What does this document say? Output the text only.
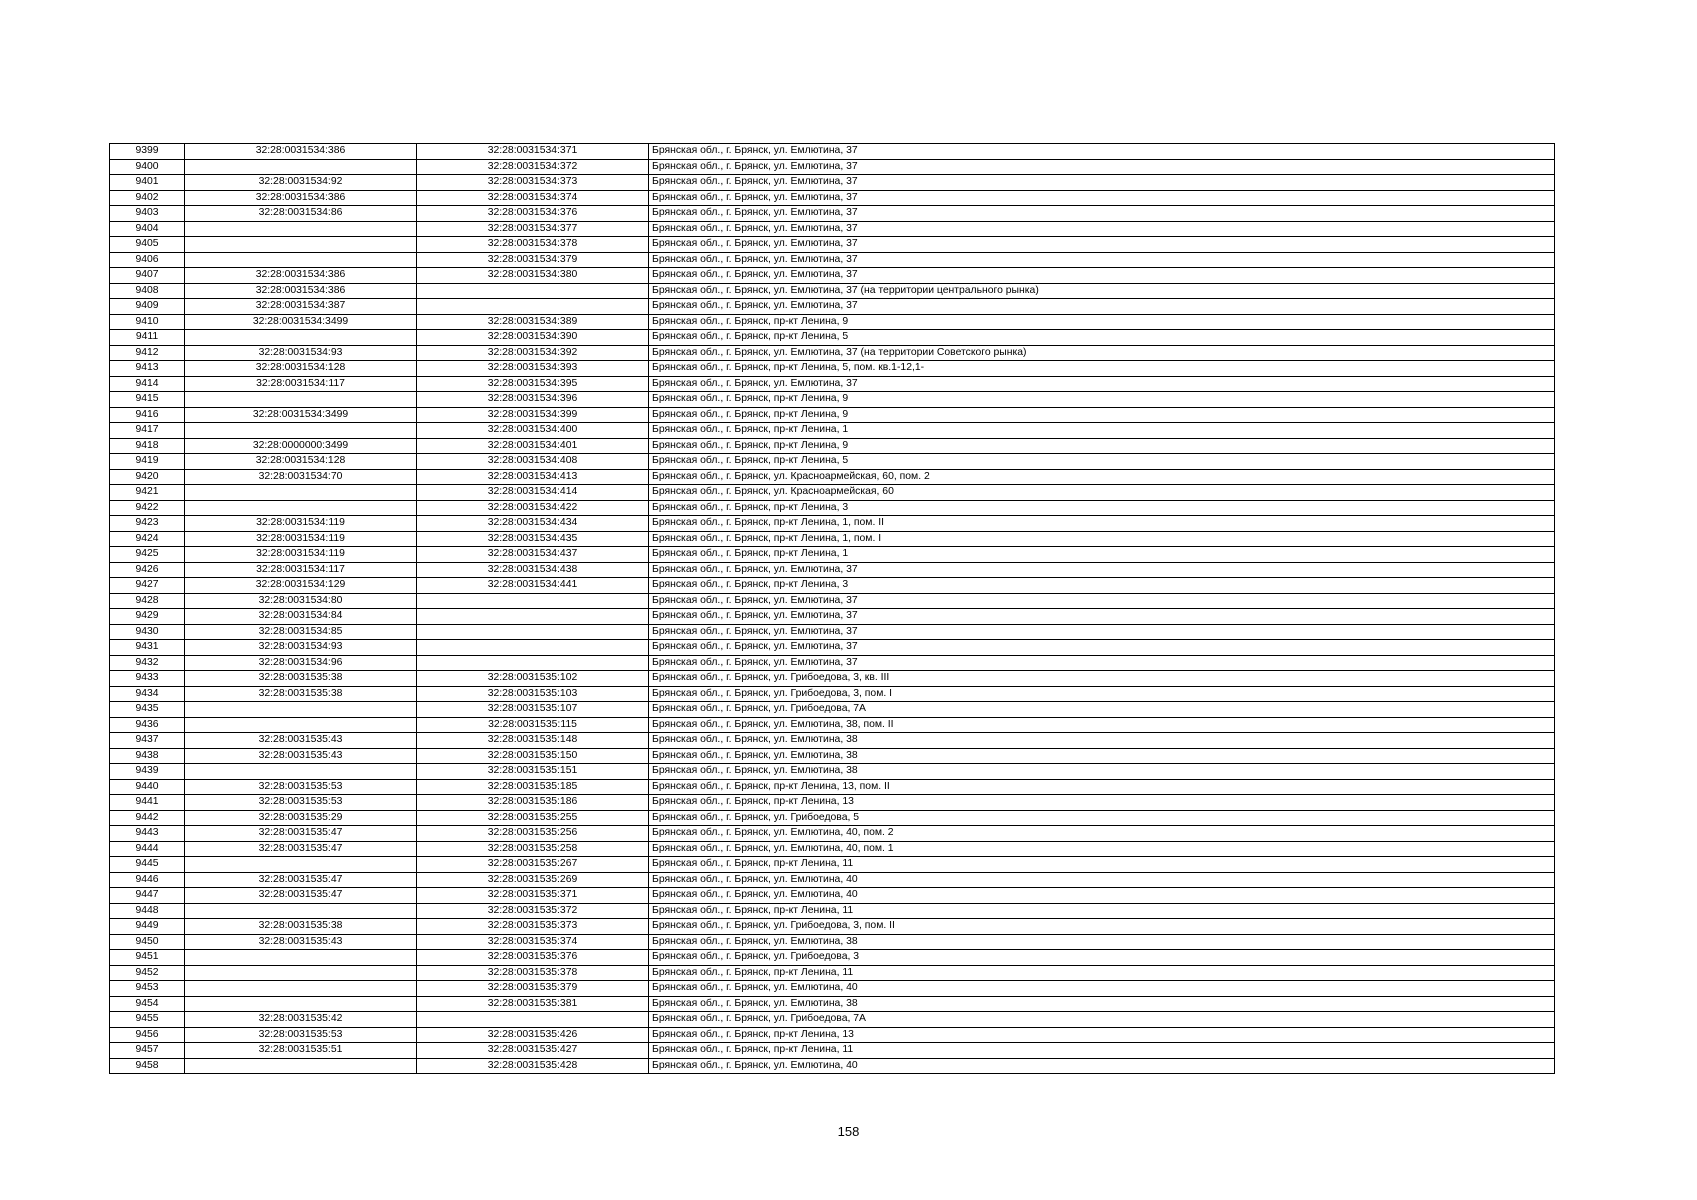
9399	32:28:0031534:386	32:28:0031534:371	Брянская обл., г. Брянск, ул. Емлютина, 37
9400		32:28:0031534:372	Брянская обл., г. Брянск, ул. Емлютина, 37
9401	32:28:0031534:92	32:28:0031534:373	Брянская обл., г. Брянск, ул. Емлютина, 37
9402	32:28:0031534:386	32:28:0031534:374	Брянская обл., г. Брянск, ул. Емлютина, 37
9403	32:28:0031534:86	32:28:0031534:376	Брянская обл., г. Брянск, ул. Емлютина, 37
9404		32:28:0031534:377	Брянская обл., г. Брянск, ул. Емлютина, 37
9405		32:28:0031534:378	Брянская обл., г. Брянск, ул. Емлютина, 37
9406		32:28:0031534:379	Брянская обл., г. Брянск, ул. Емлютина, 37
9407	32:28:0031534:386	32:28:0031534:380	Брянская обл., г. Брянск, ул. Емлютина, 37
9408	32:28:0031534:386		Брянская обл., г. Брянск, ул. Емлютина, 37 (на территории центрального рынка)
9409	32:28:0031534:387		Брянская обл., г. Брянск, ул. Емлютина, 37
9410	32:28:0031534:3499	32:28:0031534:389	Брянская обл., г. Брянск, пр-кт Ленина, 9
9411		32:28:0031534:390	Брянская обл., г. Брянск, пр-кт Ленина, 5
9412	32:28:0031534:93	32:28:0031534:392	Брянская обл., г. Брянск, ул. Емлютина, 37 (на территории Советского рынка)
9413	32:28:0031534:128	32:28:0031534:393	Брянская обл., г. Брянск, пр-кт Ленина, 5, пом. кв.1-12,1-
9414	32:28:0031534:117	32:28:0031534:395	Брянская обл., г. Брянск, ул. Емлютина, 37
9415		32:28:0031534:396	Брянская обл., г. Брянск, пр-кт Ленина, 9
9416	32:28:0031534:3499	32:28:0031534:399	Брянская обл., г. Брянск, пр-кт Ленина, 9
9417		32:28:0031534:400	Брянская обл., г. Брянск, пр-кт Ленина, 1
9418	32:28:0000000:3499	32:28:0031534:401	Брянская обл., г. Брянск, пр-кт Ленина, 9
9419	32:28:0031534:128	32:28:0031534:408	Брянская обл., г. Брянск, пр-кт Ленина, 5
9420	32:28:0031534:70	32:28:0031534:413	Брянская обл., г. Брянск, ул. Красноармейская, 60, пом. 2
9421		32:28:0031534:414	Брянская обл., г. Брянск, ул. Красноармейская, 60
9422		32:28:0031534:422	Брянская обл., г. Брянск, пр-кт Ленина, 3
9423	32:28:0031534:119	32:28:0031534:434	Брянская обл., г. Брянск, пр-кт Ленина, 1, пом. II
9424	32:28:0031534:119	32:28:0031534:435	Брянская обл., г. Брянск, пр-кт Ленина, 1, пом. I
9425	32:28:0031534:119	32:28:0031534:437	Брянская обл., г. Брянск, пр-кт Ленина, 1
9426	32:28:0031534:117	32:28:0031534:438	Брянская обл., г. Брянск, ул. Емлютина, 37
9427	32:28:0031534:129	32:28:0031534:441	Брянская обл., г. Брянск, пр-кт Ленина, 3
9428	32:28:0031534:80		Брянская обл., г. Брянск, ул. Емлютина, 37
9429	32:28:0031534:84		Брянская обл., г. Брянск, ул. Емлютина, 37
9430	32:28:0031534:85		Брянская обл., г. Брянск, ул. Емлютина, 37
9431	32:28:0031534:93		Брянская обл., г. Брянск, ул. Емлютина, 37
9432	32:28:0031534:96		Брянская обл., г. Брянск, ул. Емлютина, 37
9433	32:28:0031535:38	32:28:0031535:102	Брянская обл., г. Брянск, ул. Грибоедова, 3, кв. III
9434	32:28:0031535:38	32:28:0031535:103	Брянская обл., г. Брянск, ул. Грибоедова, 3, пом. I
9435		32:28:0031535:107	Брянская обл., г. Брянск, ул. Грибоедова, 7А
9436		32:28:0031535:115	Брянская обл., г. Брянск, ул. Емлютина, 38, пом. II
9437	32:28:0031535:43	32:28:0031535:148	Брянская обл., г. Брянск, ул. Емлютина, 38
9438	32:28:0031535:43	32:28:0031535:150	Брянская обл., г. Брянск, ул. Емлютина, 38
9439		32:28:0031535:151	Брянская обл., г. Брянск, ул. Емлютина, 38
9440	32:28:0031535:53	32:28:0031535:185	Брянская обл., г. Брянск, пр-кт Ленина, 13, пом. II
9441	32:28:0031535:53	32:28:0031535:186	Брянская обл., г. Брянск, пр-кт Ленина, 13
9442	32:28:0031535:29	32:28:0031535:255	Брянская обл., г. Брянск, ул. Грибоедова, 5
9443	32:28:0031535:47	32:28:0031535:256	Брянская обл., г. Брянск, ул. Емлютина, 40, пом. 2
9444	32:28:0031535:47	32:28:0031535:258	Брянская обл., г. Брянск, ул. Емлютина, 40, пом. 1
9445		32:28:0031535:267	Брянская обл., г. Брянск, пр-кт Ленина, 11
9446	32:28:0031535:47	32:28:0031535:269	Брянская обл., г. Брянск, ул. Емлютина, 40
9447	32:28:0031535:47	32:28:0031535:371	Брянская обл., г. Брянск, ул. Емлютина, 40
9448		32:28:0031535:372	Брянская обл., г. Брянск, пр-кт Ленина, 11
9449	32:28:0031535:38	32:28:0031535:373	Брянская обл., г. Брянск, ул. Грибоедова, 3, пом. II
9450	32:28:0031535:43	32:28:0031535:374	Брянская обл., г. Брянск, ул. Емлютина, 38
9451		32:28:0031535:376	Брянская обл., г. Брянск, ул. Грибоедова, 3
9452		32:28:0031535:378	Брянская обл., г. Брянск, пр-кт Ленина, 11
9453		32:28:0031535:379	Брянская обл., г. Брянск, ул. Емлютина, 40
9454		32:28:0031535:381	Брянская обл., г. Брянск, ул. Емлютина, 38
9455	32:28:0031535:42		Брянская обл., г. Брянск, ул. Грибоедова, 7А
9456	32:28:0031535:53	32:28:0031535:426	Брянская обл., г. Брянск, пр-кт Ленина, 13
9457	32:28:0031535:51	32:28:0031535:427	Брянская обл., г. Брянск, пр-кт Ленина, 11
9458		32:28:0031535:428	Брянская обл., г. Брянск, ул. Емлютина, 40
158
